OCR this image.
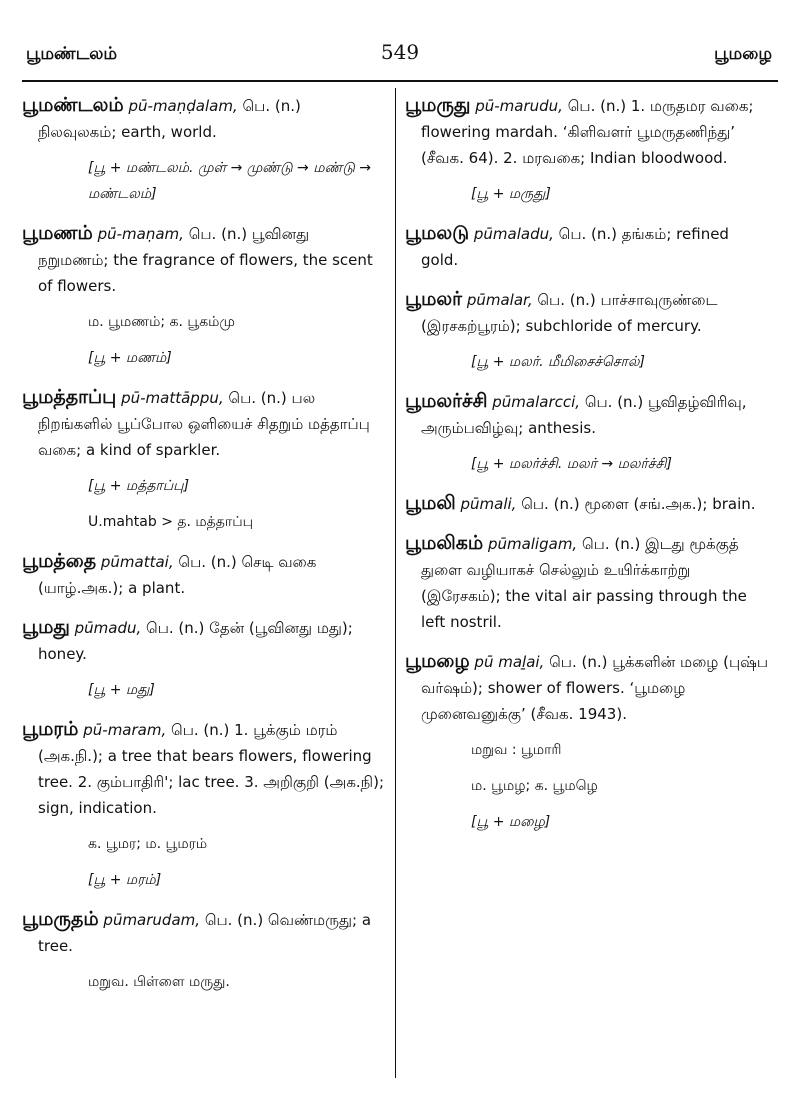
பூமண்டலம்	549	பூமழை
பூமண்டலம் pū-maṇḍalam, பெ. (n.) நிலவுலகம்; earth, world.
[பூ + மண்டலம். முள் → முண்டு → மண்டு → மண்டலம்]
பூமணம் pū-maṇam, பெ. (n.) பூவினது நறுமணம்; the fragrance of flowers, the scent of flowers.
ம. பூமணம்; க. பூகம்மு
[பூ + மணம்]
பூமத்தாப்பு pū-mattāppu, பெ. (n.) பல நிறங்களில் பூப்போல ஒளியைச் சிதறும் மத்தாப்பு வகை; a kind of sparkler.
[பூ + மத்தாப்பு]
U.mahtab > த. மத்தாப்பு
பூமத்தை pūmattai, பெ. (n.) செடி வகை (யாழ்.அக.); a plant.
பூமது pūmadu, பெ. (n.) தேன் (பூவினது மது); honey.
[பூ + மது]
பூமரம் pū-maram, பெ. (n.) 1. பூக்கும் மரம் (அக.நி.); a tree that bears flowers, flowering tree. 2. கும்பாதிரி'; lac tree. 3. அறிகுறி (அக.நி); sign, indication.
க. பூமர; ம. பூமரம்
[பூ + மரம்]
பூமருதம் pūmarudam, பெ. (n.) வெண்மருது; a tree.
மறுவ. பிள்ளை மருது.
பூமருது pū-marudu, பெ. (n.) 1. மருதமர வகை; flowering mardah. ‘கிளிவளர் பூமருதணிந்து’ (சீவக. 64). 2. மரவகை; Indian bloodwood.
[பூ + மருது]
பூமலடு pūmaladu, பெ. (n.) தங்கம்; refined gold.
பூமலர் pūmalar, பெ. (n.) பாச்சாவுருண்டை (இரசகற்பூரம்); subchloride of mercury.
[பூ + மலர். மீமிசைச்சொல்]
பூமலர்ச்சி pūmalarcci, பெ. (n.) பூவிதழ்விரிவு, அரும்பவிழ்வு; anthesis.
[பூ + மலர்ச்சி. மலர் → மலர்ச்சி]
பூமலி pūmali, பெ. (n.) மூளை (சங்.அக.); brain.
பூமலிகம் pūmaligam, பெ. (n.) இடது மூக்குத் துளை வழியாகச் செல்லும் உயிர்க்காற்று (இரேசகம்); the vital air passing through the left nostril.
பூமழை pū maḻai, பெ. (n.) பூக்களின் மழை (புஷ்ப வர்ஷம்); shower of flowers. ‘பூமழை முனைவனுக்கு’ (சீவக. 1943).
மறுவ : பூமாரி
ம. பூமழ; க. பூமழெ
[பூ + மழை]
